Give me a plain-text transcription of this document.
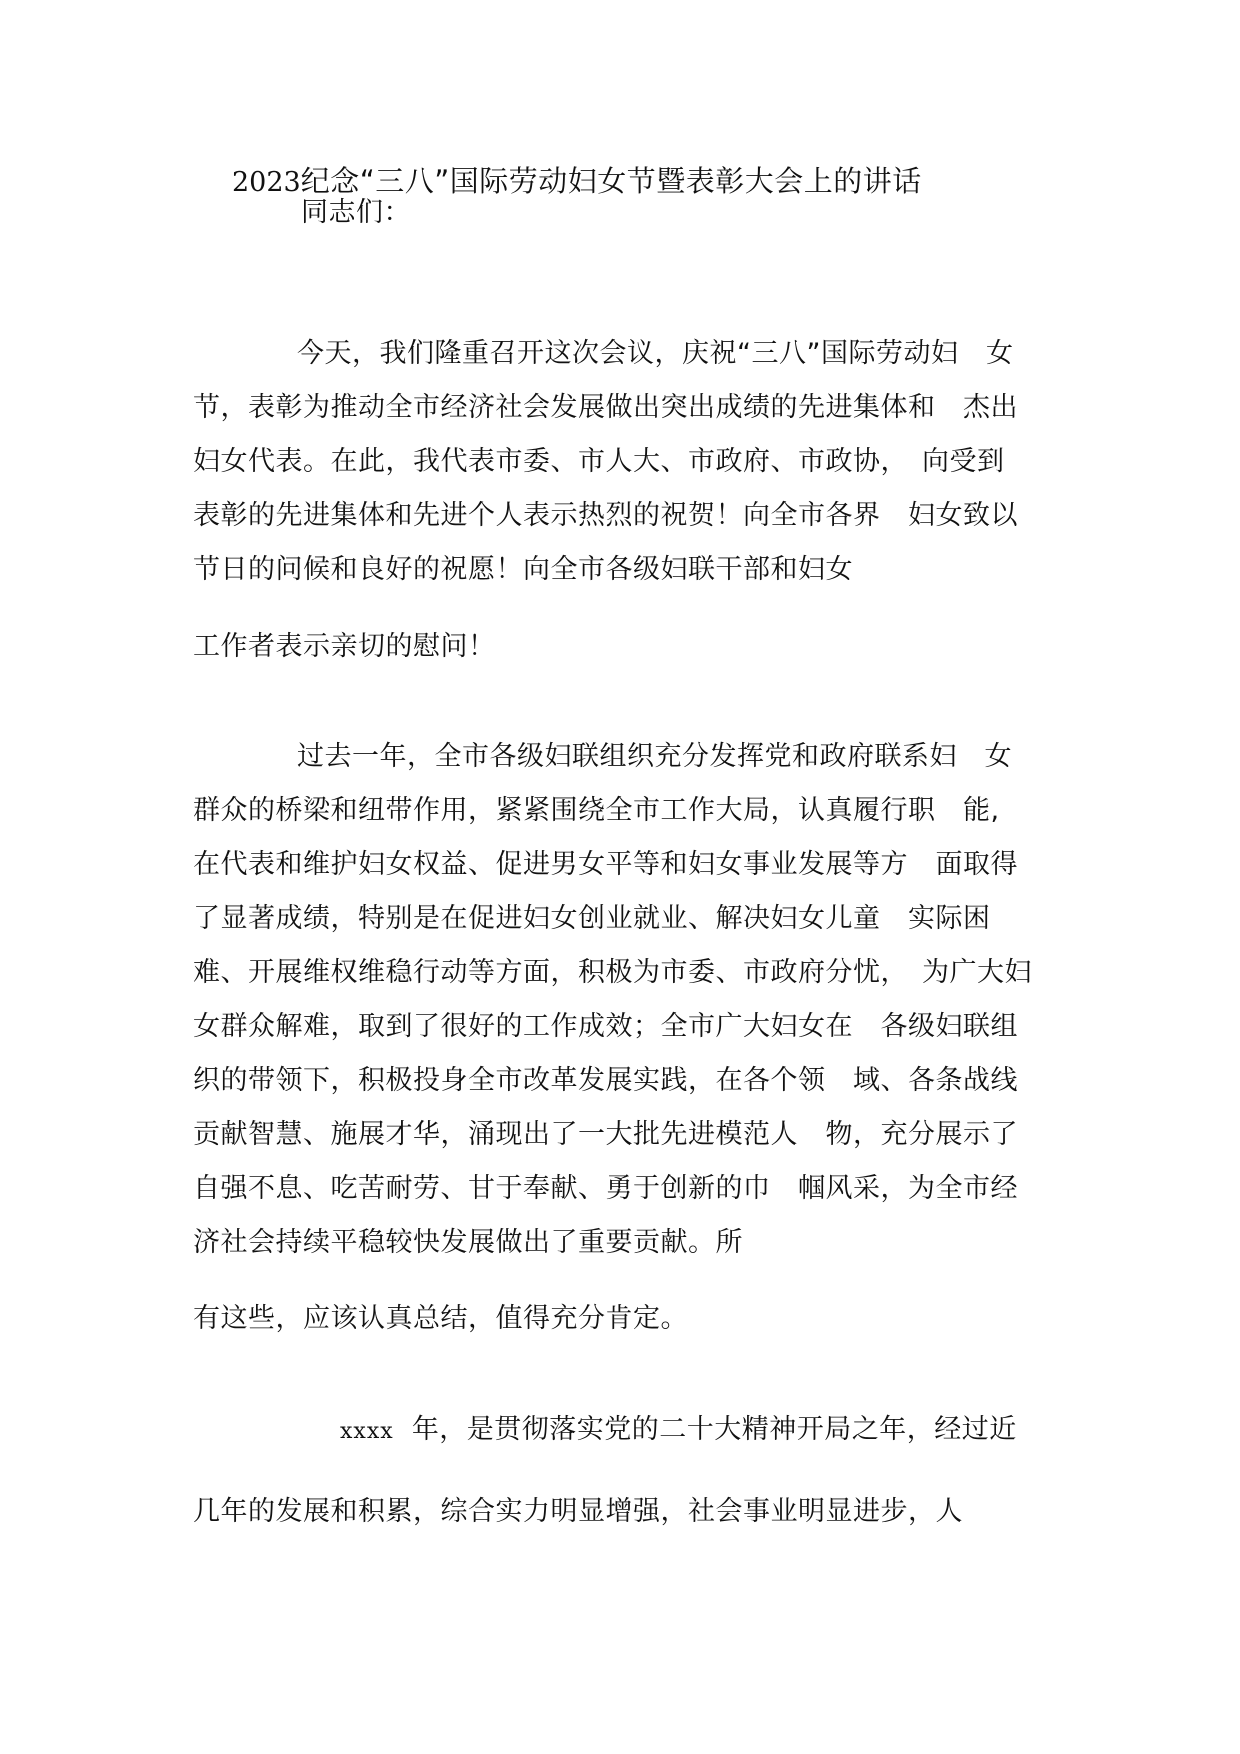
2023纪念“三八”国际劳动妇女节暨表彰大会上的讲话
同志们：
今天，我们隆重召开这次会议，庆祝“三八”国际劳动妇　女
节，表彰为推动全市经济社会发展做出突出成绩的先进集体和　杰出
妇女代表。在此，我代表市委、市人大、市政府、市政协，　向受到
表彰的先进集体和先进个人表示热烈的祝贺！向全市各界　妇女致以
节日的问候和良好的祝愿！向全市各级妇联干部和妇女
工作者表示亲切的慰问！
过去一年，全市各级妇联组织充分发挥党和政府联系妇　女
群众的桥梁和纽带作用，紧紧围绕全市工作大局，认真履行职　能,
在代表和维护妇女权益、促进男女平等和妇女事业发展等方　面取得
了显著成绩，特别是在促进妇女创业就业、解决妇女儿童　实际困
难、开展维权维稳行动等方面，积极为市委、市政府分忧，　为广大妇
女群众解难，取到了很好的工作成效；全市广大妇女在　各级妇联组
织的带领下，积极投身全市改革发展实践，在各个领　域、各条战线
贡献智慧、施展才华，涌现出了一大批先进模范人　物，充分展示了
自强不息、吃苦耐劳、甘于奉献、勇于创新的巾　帼风采，为全市经
济社会持续平稳较快发展做出了重要贡献。所
有这些，应该认真总结，值得充分肯定。
xxxx 年，是贯彻落实党的二十大精神开局之年，经过近
几年的发展和积累，综合实力明显增强，社会事业明显进步，人
